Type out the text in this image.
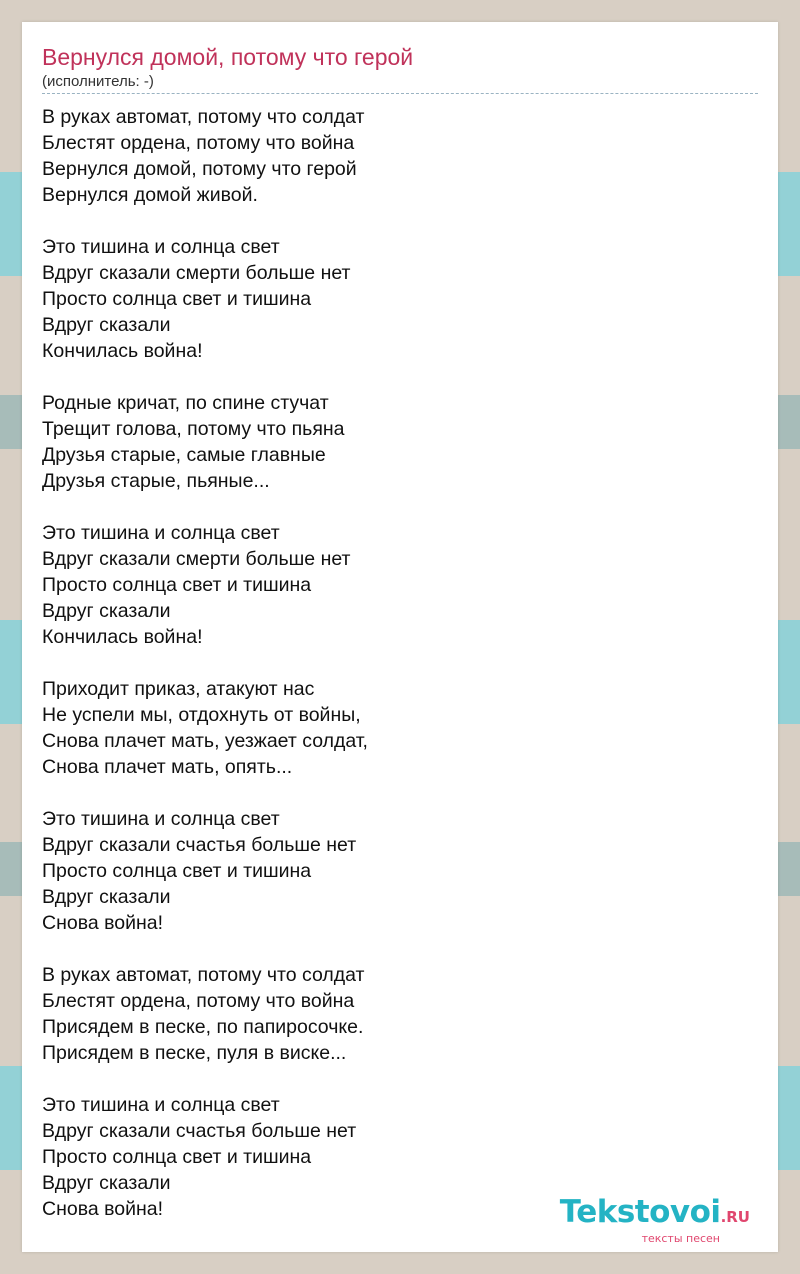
Вернулся домой, потому что герой
(исполнитель: -)
В руках автомат, потому что солдат
Блестят ордена, потому что война
Вернулся домой, потому что герой
Вернулся домой живой.
Это тишина и солнца свет
Вдруг сказали смерти больше нет
Просто солнца свет и тишина
Вдруг сказали
Кончилась война!
Родные кричат, по спине стучат
Трещит голова, потому что пьяна
Друзья старые, самые главные
Друзья старые, пьяные...
Это тишина и солнца свет
Вдруг сказали смерти больше нет
Просто солнца свет и тишина
Вдруг сказали
Кончилась война!
Приходит приказ, атакуют нас
Не успели мы, отдохнуть от войны,
Снова плачет мать, уезжает солдат,
Снова плачет мать, опять...
Это тишина и солнца свет
Вдруг сказали счастья больше нет
Просто солнца свет и тишина
Вдруг сказали
Снова война!
В руках автомат, потому что солдат
Блестят ордена, потому что война
Присядем в песке, по папиросочке.
Присядем в песке, пуля в виске...
Это тишина и солнца свет
Вдруг сказали счастья больше нет
Просто солнца свет и тишина
Вдруг сказали
Снова война!	Tekstovoi.RU
тексты песен
